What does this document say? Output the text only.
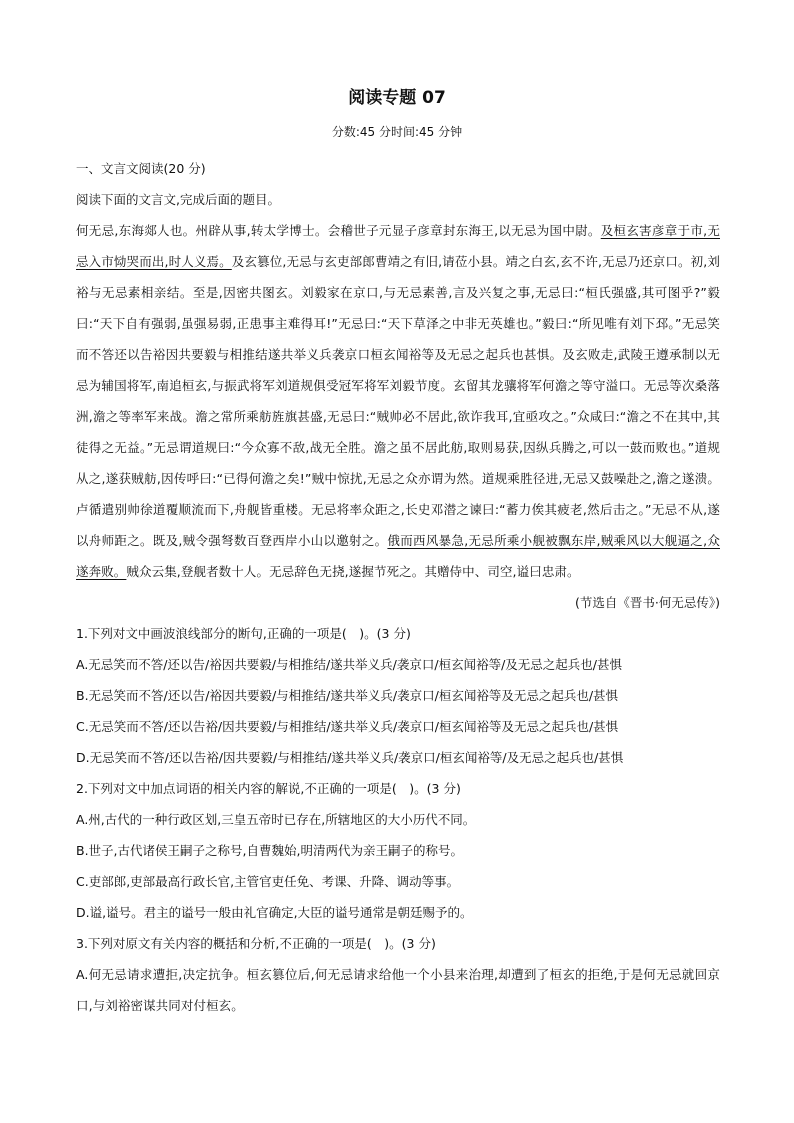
阅读专题 07
分数:45 分时间:45 分钟

一、文言文阅读(20 分)

阅读下面的文言文,完成后面的题目。

何无忌,东海郯人也。州辟从事,转太学博士。会稽世子元显子彦章封东海王,以无忌为国中尉。及桓玄害彦章于市,无忌入市恸哭而出,时人义焉。及玄篡位,无忌与玄吏部郎曹靖之有旧,请莅小县。靖之白玄,玄不许,无忌乃还京口。初,刘裕与无忌素相亲结。至是,因密共图玄。刘毅家在京口,与无忌素善,言及兴复之事,无忌曰:“桓氏强盛,其可图乎?”毅曰:“天下自有强弱,虽强易弱,正患事主难得耳!”无忌曰:“天下草泽之中非无英雄也。”毅曰:“所见唯有刘下邳。”无忌笑而不答还以告裕因共要毅与相推结遂共举义兵袭京口桓玄闻裕等及无忌之起兵也甚惧。及玄败走,武陵王遵承制以无忌为辅国将军,南追桓玄,与振武将军刘道规俱受冠军将军刘毅节度。玄留其龙骧将军何澹之等守溢口。无忌等次桑落洲,澹之等率军来战。澹之常所乘舫旌旗甚盛,无忌曰:“贼帅必不居此,欲诈我耳,宜亟攻之。”众咸曰:“澹之不在其中,其徒得之无益。”无忌谓道规曰:“今众寡不敌,战无全胜。澹之虽不居此舫,取则易获,因纵兵腾之,可以一鼓而败也。”道规从之,遂获贼舫,因传呼曰:“已得何澹之矣!”贼中惊扰,无忌之众亦谓为然。道规乘胜径进,无忌又鼓噪赴之,澹之遂溃。卢循遣别帅徐道覆顺流而下,舟舰皆重楼。无忌将率众距之,长史邓潜之谏曰:“蓄力俟其疲老,然后击之。”无忌不从,遂以舟师距之。既及,贼令强弩数百登西岸小山以邀射之。俄而西风暴急,无忌所乘小舰被飘东岸,贼乘风以大舰逼之,众遂奔败。贼众云集,登舰者数十人。无忌辞色无挠,遂握节死之。其赠侍中、司空,谥曰忠肃。

(节选自《晋书·何无忌传》)

1.下列对文中画波浪线部分的断句,正确的一项是(　)。(3 分)

A.无忌笑而不答/还以告/裕因共要毅/与相推结/遂共举义兵/袭京口/桓玄闻裕等/及无忌之起兵也/甚惧

B.无忌笑而不答/还以告/裕因共要毅/与相推结/遂共举义兵/袭京口/桓玄闻裕等及无忌之起兵也/甚惧

C.无忌笑而不答/还以告裕/因共要毅/与相推结/遂共举义兵/袭京口/桓玄闻裕等及无忌之起兵也/甚惧

D.无忌笑而不答/还以告裕/因共要毅/与相推结/遂共举义兵/袭京口/桓玄闻裕等/及无忌之起兵也/甚惧

2.下列对文中加点词语的相关内容的解说,不正确的一项是(　)。(3 分)

A.州,古代的一种行政区划,三皇五帝时已存在,所辖地区的大小历代不同。

B.世子,古代诸侯王嗣子之称号,自曹魏始,明清两代为亲王嗣子的称号。

C.吏部郎,吏部最高行政长官,主管官吏任免、考课、升降、调动等事。

D.谥,谥号。君主的谥号一般由礼官确定,大臣的谥号通常是朝廷赐予的。

3.下列对原文有关内容的概括和分析,不正确的一项是(　)。(3 分)

A.何无忌请求遭拒,决定抗争。桓玄篡位后,何无忌请求给他一个小县来治理,却遭到了桓玄的拒绝,于是何无忌就回京口,与刘裕密谋共同对付桓玄。
